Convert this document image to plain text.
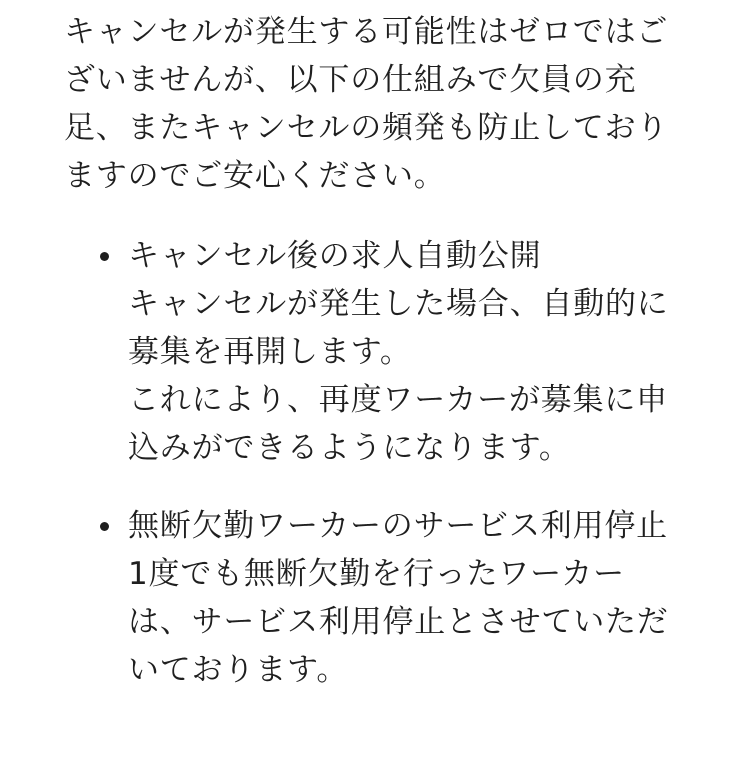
キャンセルが発生する可能性はゼロではご
ざいませんが、以下の仕組みで欠員の充
足、またキャンセルの頻発も防止しており
ますのでご安心ください。

キャンセル後の求人自動公開
キャンセルが発生した場合、自動的に
募集を再開します。
これにより、再度ワーカーが募集に申
込みができるようになります。
無断欠勤ワーカーのサービス利用停止
1度でも無断欠勤を行ったワーカー
は、サービス利用停止とさせていただ
いております。
